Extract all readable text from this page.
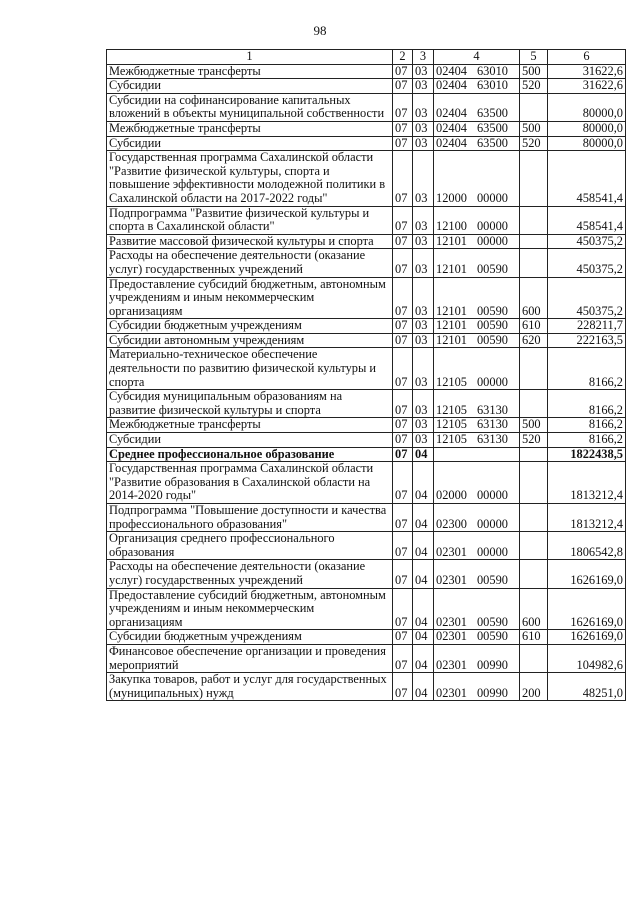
98
1	2	3	4	5	6
Межбюджетные трансферты	07	03	02404 63010	500	31622,6
Субсидии	07	03	02404 63010	520	31622,6
Субсидии на софинансирование капитальных вложений в объекты муниципальной собственности	07	03	02404 63500		80000,0
Межбюджетные трансферты	07	03	02404 63500	500	80000,0
Субсидии	07	03	02404 63500	520	80000,0
Государственная программа Сахалинской области "Развитие физической культуры, спорта и повышение эффективности молодежной политики в Сахалинской области на 2017-2022 годы"	07	03	12000 00000		458541,4
Подпрограмма "Развитие физической культуры и спорта в Сахалинской области"	07	03	12100 00000		458541,4
Развитие массовой физической культуры и спорта	07	03	12101 00000		450375,2
Расходы на обеспечение деятельности (оказание услуг) государственных учреждений	07	03	12101 00590		450375,2
Предоставление субсидий бюджетным, автономным учреждениям и иным некоммерческим организациям	07	03	12101 00590	600	450375,2
Субсидии бюджетным учреждениям	07	03	12101 00590	610	228211,7
Субсидии автономным учреждениям	07	03	12101 00590	620	222163,5
Материально-техническое обеспечение деятельности по развитию физической культуры и спорта	07	03	12105 00000		8166,2
Субсидия муниципальным образованиям на развитие физической культуры и спорта	07	03	12105 63130		8166,2
Межбюджетные трансферты	07	03	12105 63130	500	8166,2
Субсидии	07	03	12105 63130	520	8166,2
Среднее профессиональное образование	07	04			1822438,5
Государственная программа Сахалинской области "Развитие образования в Сахалинской области на 2014-2020 годы"	07	04	02000 00000		1813212,4
Подпрограмма "Повышение доступности и качества профессионального образования"	07	04	02300 00000		1813212,4
Организация среднего профессионального образования	07	04	02301 00000		1806542,8
Расходы на обеспечение деятельности (оказание услуг) государственных учреждений	07	04	02301 00590		1626169,0
Предоставление субсидий бюджетным, автономным учреждениям и иным некоммерческим организациям	07	04	02301 00590	600	1626169,0
Субсидии бюджетным учреждениям	07	04	02301 00590	610	1626169,0
Финансовое обеспечение организации и проведения мероприятий	07	04	02301 00990		104982,6
Закупка товаров, работ и услуг для государственных (муниципальных) нужд	07	04	02301 00990	200	48251,0
